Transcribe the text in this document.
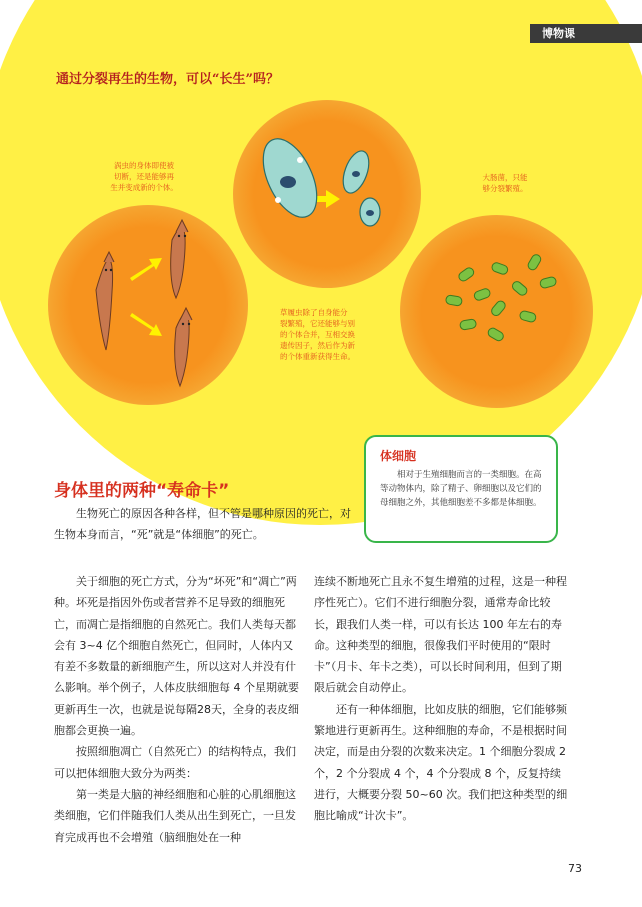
博物课
通过分裂再生的生物，可以“长生”吗？
涡虫的身体即使被
切断，还是能够再
生并变成新的个体。
大肠菌，只能
够分裂繁殖。
草履虫除了自身能分
裂繁殖，它还能够与别
的个体合并，互相交换
遗传因子，然后作为新
的个体重新获得生命。
身体里的两种“寿命卡”

生物死亡的原因各种各样，但不管是哪种原因的死亡，对生物本身而言，“死”就是“体细胞”的死亡。

体细胞
相对于生殖细胞而言的一类细胞。在高等动物体内，除了精子、卵细胞以及它们的母细胞之外，其他细胞差不多都是体细胞。

关于细胞的死亡方式，分为“坏死”和“凋亡”两种。坏死是指因外伤或者营养不足导致的细胞死亡，而凋亡是指细胞的自然死亡。我们人类每天都会有 3~4 亿个细胞自然死亡，但同时，人体内又有差不多数量的新细胞产生，所以这对人并没有什么影响。举个例子，人体皮肤细胞每 4 个星期就要更新再生一次，也就是说每隔28天，全身的表皮细胞都会更换一遍。

按照细胞凋亡（自然死亡）的结构特点，我们可以把体细胞大致分为两类：

第一类是大脑的神经细胞和心脏的心肌细胞这类细胞，它们伴随我们人类从出生到死亡，一旦发育完成再也不会增殖（脑细胞处在一种

连续不断地死亡且永不复生增殖的过程，这是一种程序性死亡）。它们不进行细胞分裂，通常寿命比较长，跟我们人类一样，可以有长达 100 年左右的寿命。这种类型的细胞，很像我们平时使用的“限时卡”（月卡、年卡之类），可以长时间利用，但到了期限后就会自动停止。

还有一种体细胞，比如皮肤的细胞，它们能够频繁地进行更新再生。这种细胞的寿命，不是根据时间决定，而是由分裂的次数来决定。1 个细胞分裂成 2 个，2 个分裂成 4 个，4 个分裂成 8 个，反复持续进行，大概要分裂 50~60 次。我们把这种类型的细胞比喻成“计次卡”。

73
